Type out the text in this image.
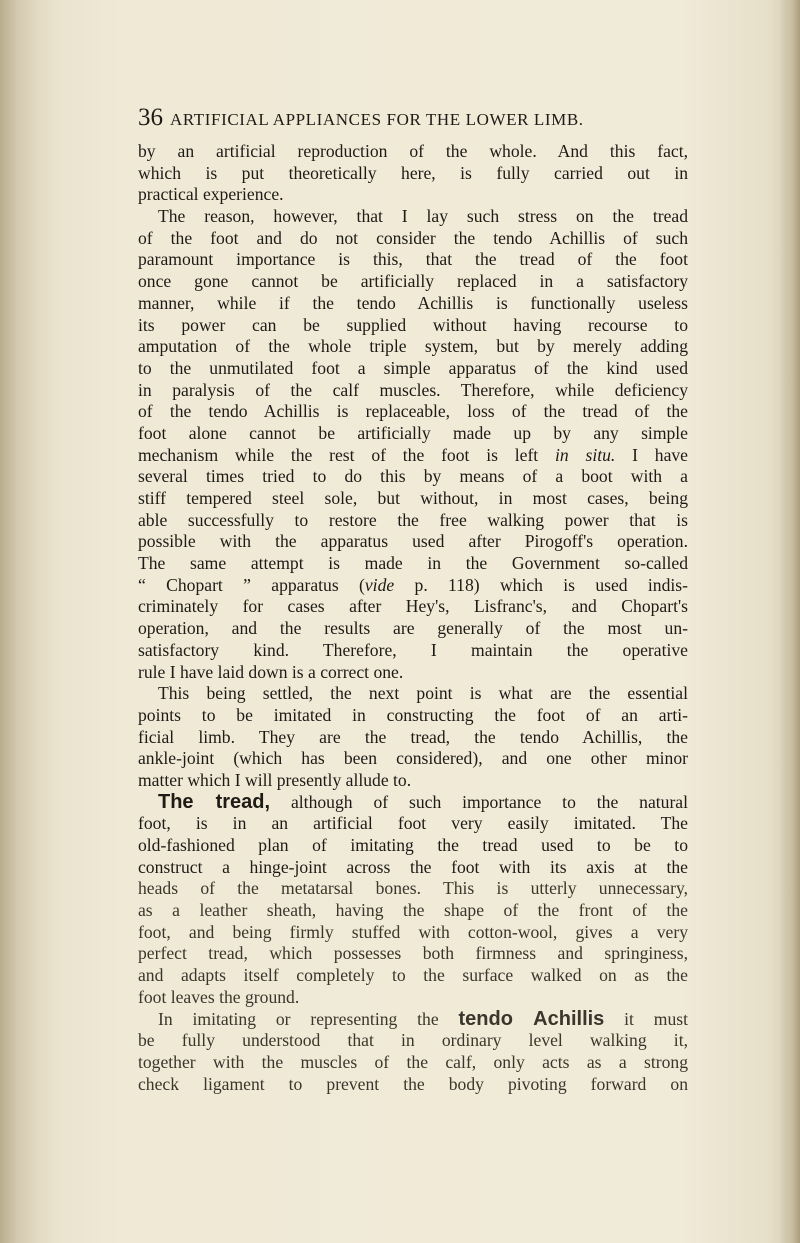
36 ARTIFICIAL APPLIANCES FOR THE LOWER LIMB.
by an artificial reproduction of the whole. And this fact,
which is put theoretically here, is fully carried out in
practical experience.
The reason, however, that I lay such stress on the tread
of the foot and do not consider the tendo Achillis of such
paramount importance is this, that the tread of the foot
once gone cannot be artificially replaced in a satisfactory
manner, while if the tendo Achillis is functionally useless
its power can be supplied without having recourse to
amputation of the whole triple system, but by merely adding
to the unmutilated foot a simple apparatus of the kind used
in paralysis of the calf muscles. Therefore, while deficiency
of the tendo Achillis is replaceable, loss of the tread of the
foot alone cannot be artificially made up by any simple
mechanism while the rest of the foot is left in situ. I have
several times tried to do this by means of a boot with a
stiff tempered steel sole, but without, in most cases, being
able successfully to restore the free walking power that is
possible with the apparatus used after Pirogoff's operation.
The same attempt is made in the Government so-called
“ Chopart ” apparatus (vide p. 118) which is used indis-
criminately for cases after Hey's, Lisfranc's, and Chopart's
operation, and the results are generally of the most un-
satisfactory kind. Therefore, I maintain the operative
rule I have laid down is a correct one.
This being settled, the next point is what are the essential
points to be imitated in constructing the foot of an arti-
ficial limb. They are the tread, the tendo Achillis, the
ankle-joint (which has been considered), and one other minor
matter which I will presently allude to.
The tread, although of such importance to the natural
foot, is in an artificial foot very easily imitated. The
old-fashioned plan of imitating the tread used to be to
construct a hinge-joint across the foot with its axis at the
heads of the metatarsal bones. This is utterly unnecessary,
as a leather sheath, having the shape of the front of the
foot, and being firmly stuffed with cotton-wool, gives a very
perfect tread, which possesses both firmness and springiness,
and adapts itself completely to the surface walked on as the
foot leaves the ground.
In imitating or representing the tendo Achillis it must
be fully understood that in ordinary level walking it,
together with the muscles of the calf, only acts as a strong
check ligament to prevent the body pivoting forward on
